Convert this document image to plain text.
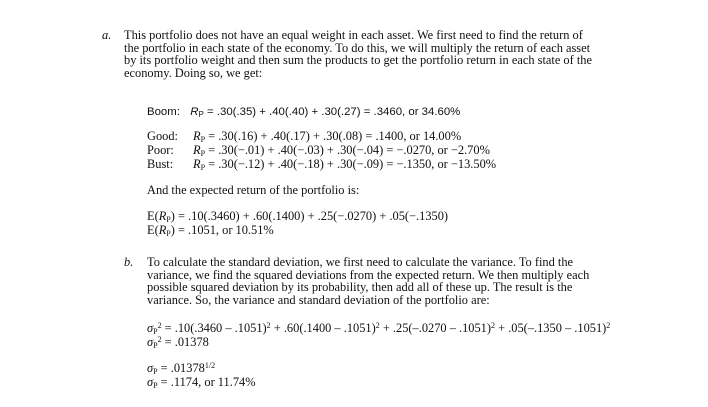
a. This portfolio does not have an equal weight in each asset. We first need to find the return of the portfolio in each state of the economy. To do this, we will multiply the return of each asset by its portfolio weight and then sum the products to get the portfolio return in each state of the economy. Doing so, we get:
Boom: $R_P = .30(.35) + .40(.40) + .30(.27) = .3460$, or 34.60%
Good: $R_P = .30(.16) + .40(.17) + .30(.08) = .1400$, or 14.00%
Poor: $R_P = .30(-.01) + .40(-.03) + .30(-.04) = -.0270$, or −2.70%
Bust: $R_P = .30(-.12) + .40(-.18) + .30(-.09) = -.1350$, or −13.50%
And the expected return of the portfolio is:
$E(R_P) = .10(.3460) + .60(.1400) + .25(-.0270) + .05(-.1350)$
$E(R_P) = .1051$, or 10.51%
b. To calculate the standard deviation, we first need to calculate the variance. To find the variance, we find the squared deviations from the expected return. We then multiply each possible squared deviation by its probability, then add all of these up. The result is the variance. So, the variance and standard deviation of the portfolio are:
$\sigma_P^2 = .10(.3460 - .1051)^2 + .60(.1400 - .1051)^2 + .25(-.0270 - .1051)^2 + .05(-.1350 - .1051)^2$
$\sigma_P^2 = .01378$
$\sigma_P = .01378^{1/2}$
$\sigma_P = .1174$, or 11.74%
